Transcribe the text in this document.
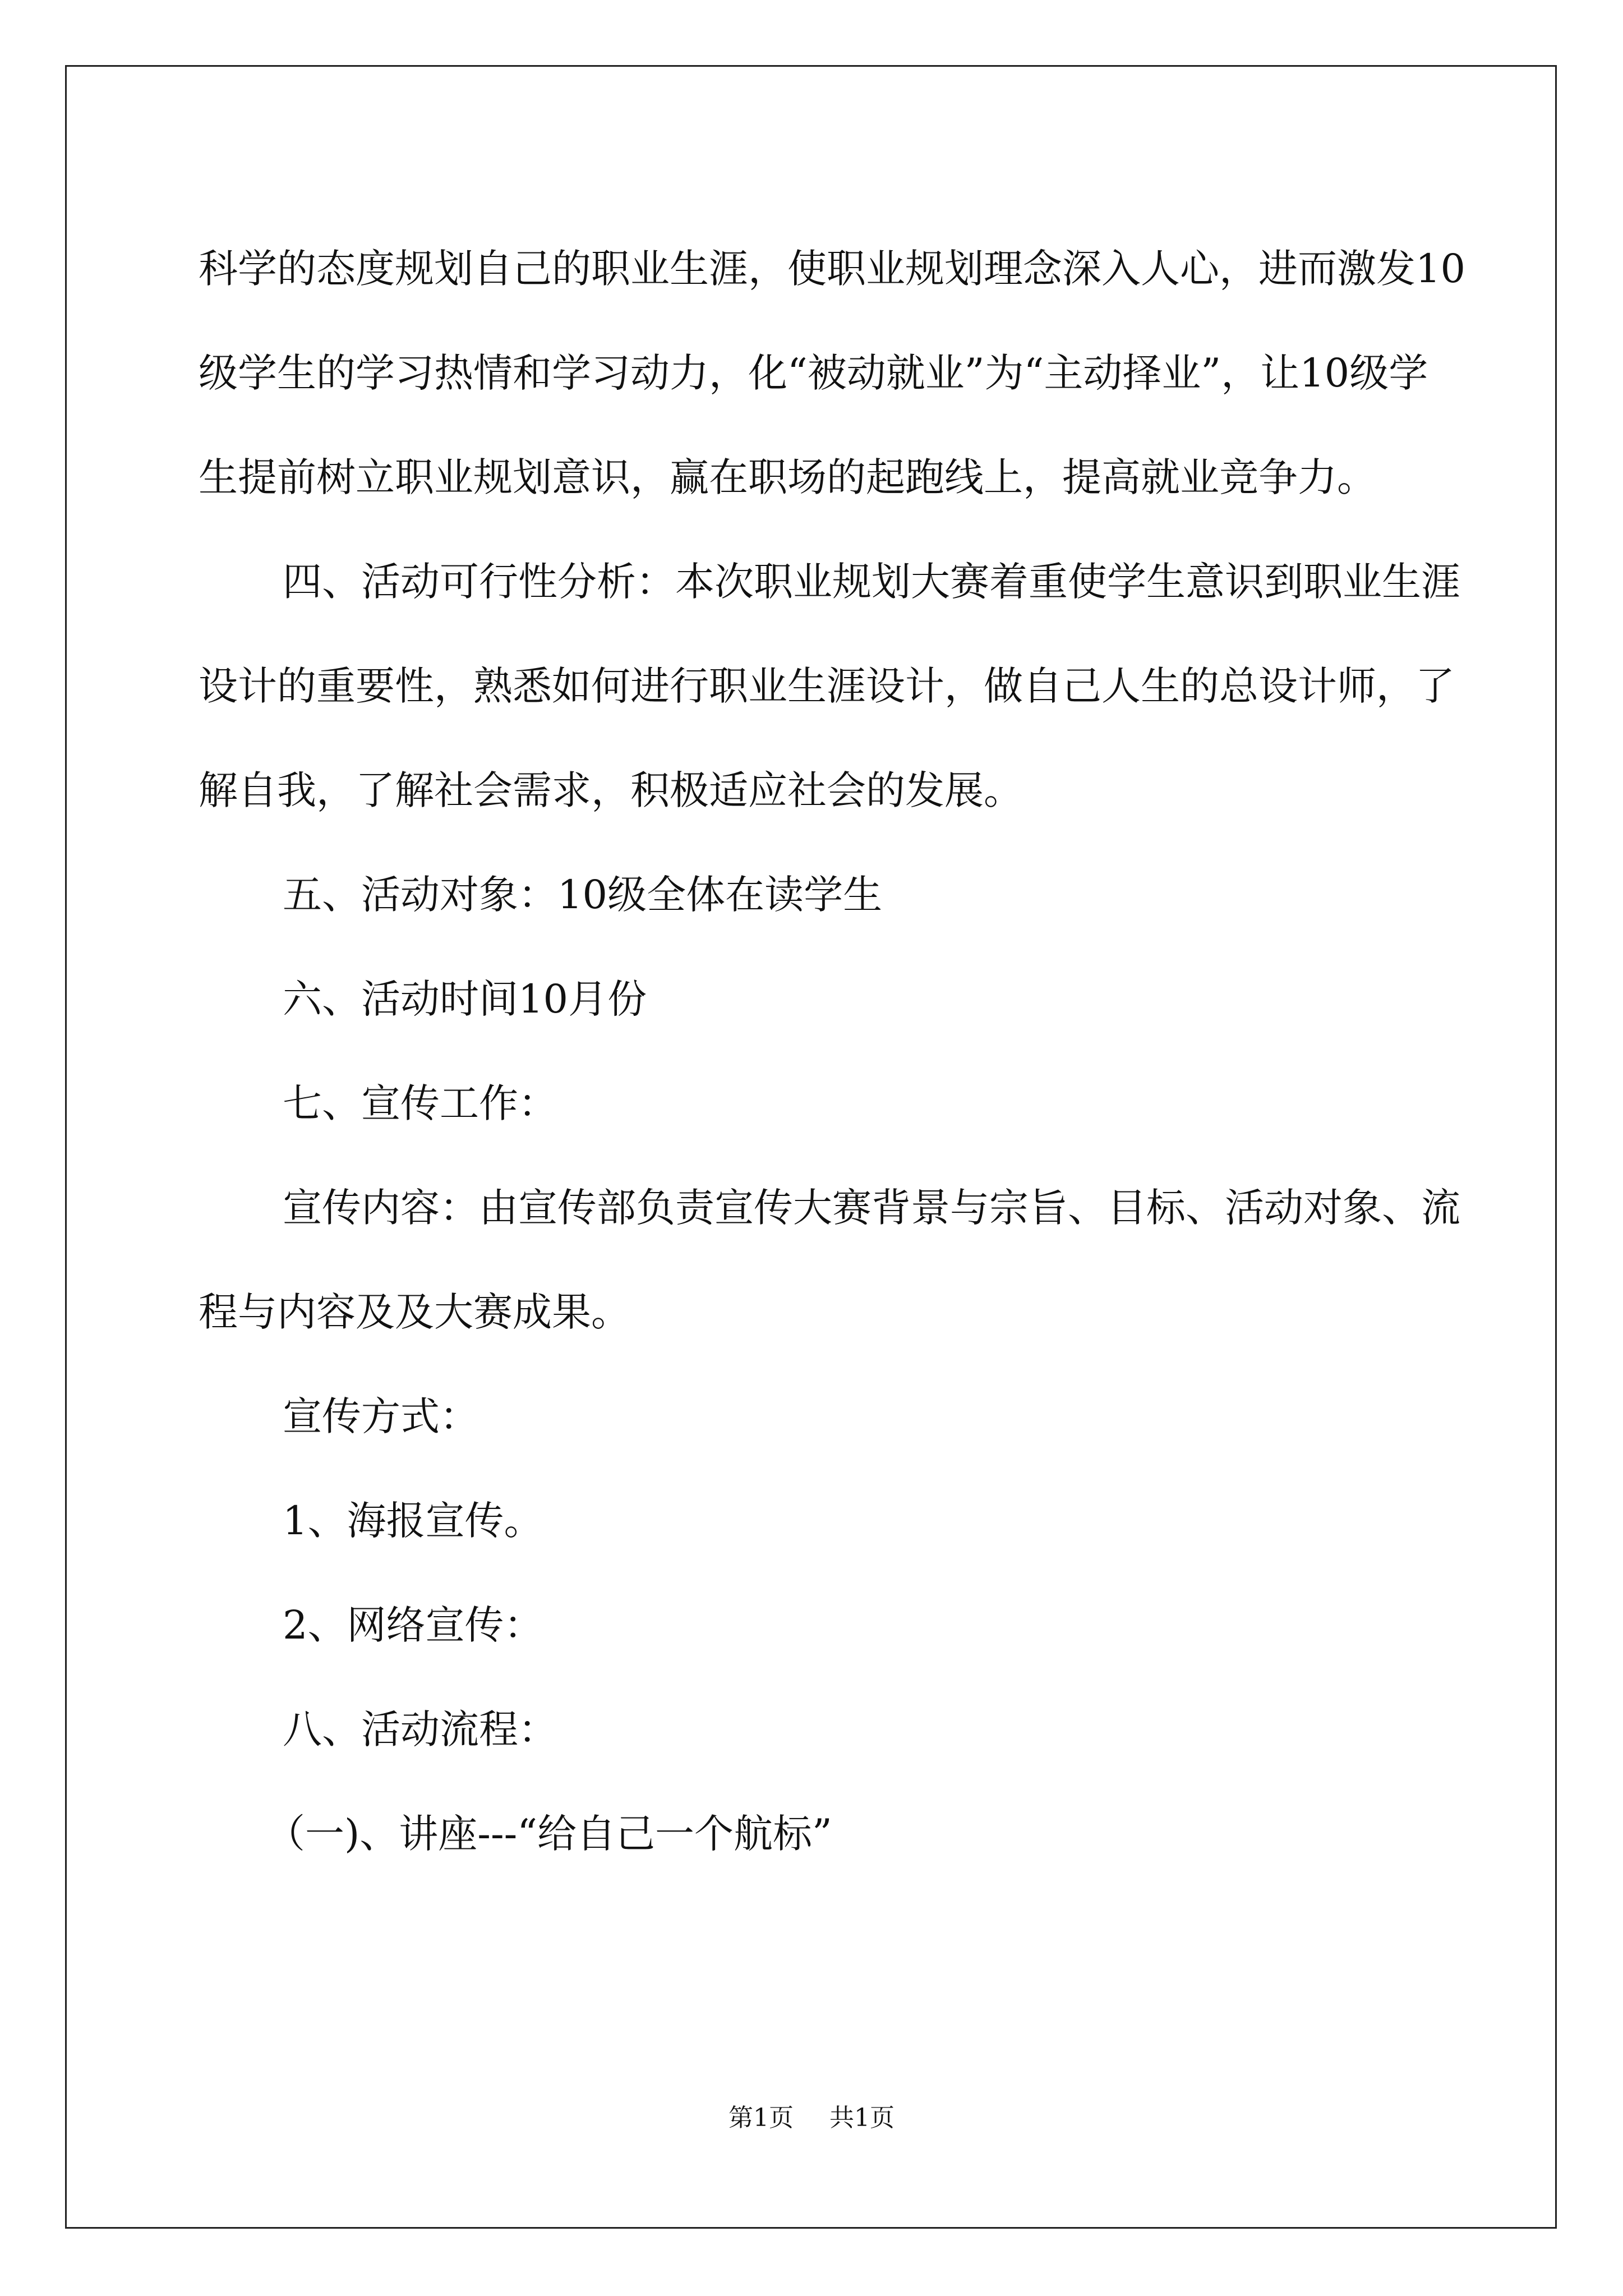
科学的态度规划自己的职业生涯，使职业规划理念深入人心，进而激发10级学生的学习热情和学习动力，化“被动就业”为“主动择业”，让10级学生提前树立职业规划意识，赢在职场的起跑线上，提高就业竞争力。

四、活动可行性分析：本次职业规划大赛着重使学生意识到职业生涯设计的重要性，熟悉如何进行职业生涯设计，做自己人生的总设计师，了解自我，了解社会需求，积极适应社会的发展。

五、活动对象：10级全体在读学生

六、活动时间10月份

七、宣传工作：

宣传内容：由宣传部负责宣传大赛背景与宗旨、目标、活动对象、流程与内容及及大赛成果。

宣传方式：

1、海报宣传。

2、网络宣传：

八、活动流程：

（一)、讲座---“给自己一个航标”

第1页 共1页
